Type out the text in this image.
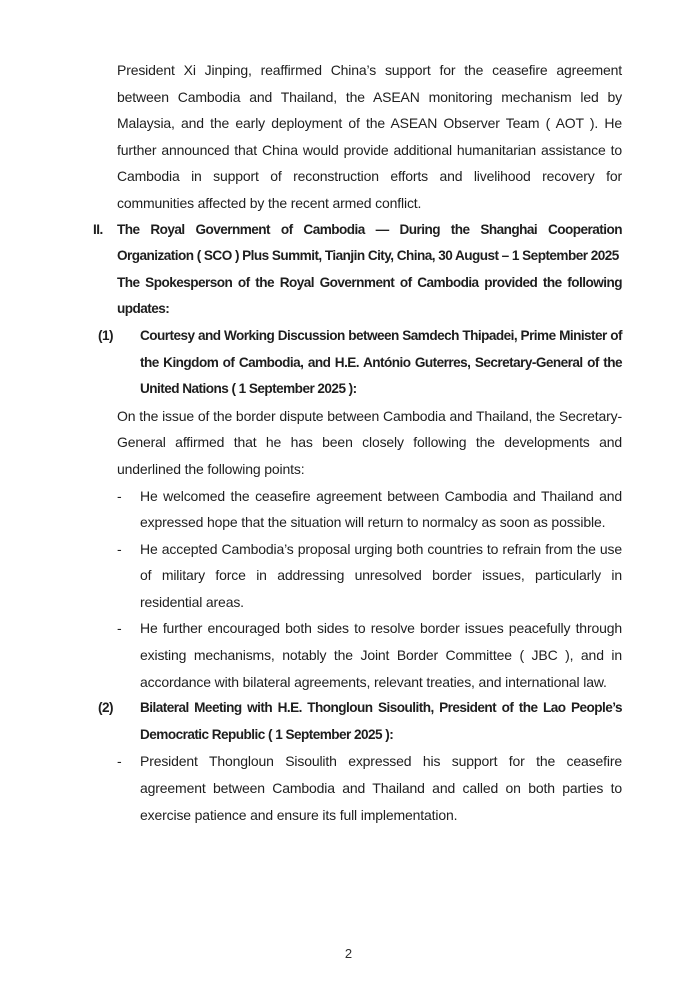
President Xi Jinping, reaffirmed China’s support for the ceasefire agreement between Cambodia and Thailand, the ASEAN monitoring mechanism led by Malaysia, and the early deployment of the ASEAN Observer Team ( AOT ). He further announced that China would provide additional humanitarian assistance to Cambodia in support of reconstruction efforts and livelihood recovery for communities affected by the recent armed conflict.

II.	The Royal Government of Cambodia — During the Shanghai Cooperation Organization ( SCO ) Plus Summit, Tianjin City, China, 30 August – 1 September 2025

The Spokesperson of the Royal Government of Cambodia provided the following updates:

(1)	Courtesy and Working Discussion between Samdech Thipadei, Prime Minister of the Kingdom of Cambodia, and H.E. António Guterres, Secretary-General of the United Nations ( 1 September 2025 ):

On the issue of the border dispute between Cambodia and Thailand, the Secretary-General affirmed that he has been closely following the developments and underlined the following points:

-	He welcomed the ceasefire agreement between Cambodia and Thailand and expressed hope that the situation will return to normalcy as soon as possible.
-	He accepted Cambodia’s proposal urging both countries to refrain from the use of military force in addressing unresolved border issues, particularly in residential areas.
-	He further encouraged both sides to resolve border issues peacefully through existing mechanisms, notably the Joint Border Committee ( JBC ), and in accordance with bilateral agreements, relevant treaties, and international law.
(2)	Bilateral Meeting with H.E. Thongloun Sisoulith, President of the Lao People’s Democratic Republic ( 1 September 2025 ):
-	President Thongloun Sisoulith expressed his support for the ceasefire agreement between Cambodia and Thailand and called on both parties to exercise patience and ensure its full implementation.
2
